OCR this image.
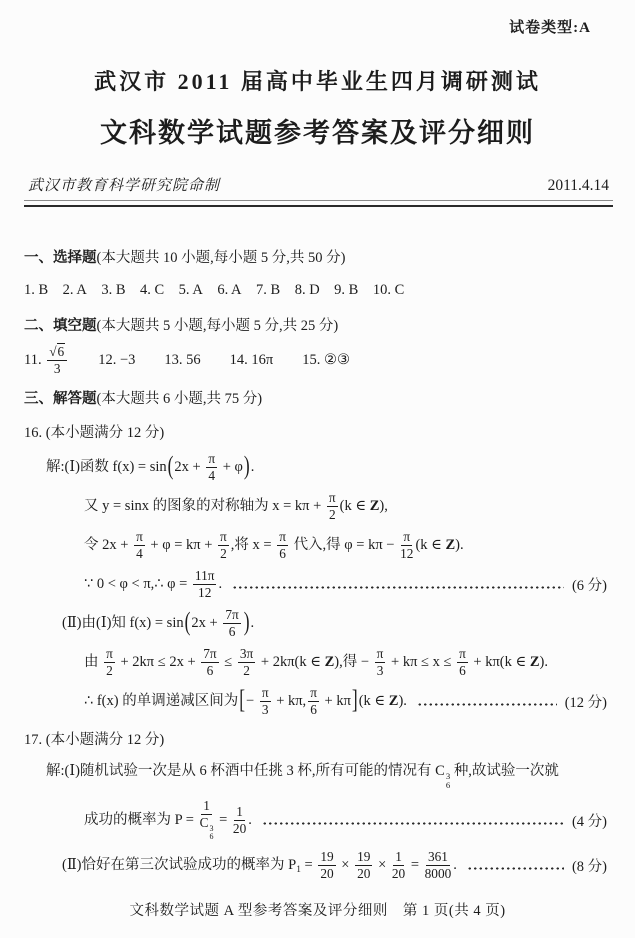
试卷类型:A
武汉市 2011 届高中毕业生四月调研测试
文科数学试题参考答案及评分细则
武汉市教育科学研究院命制	2011.4.14
一、选择题(本大题共 10 小题,每小题 5 分,共 50 分)
1. B 2. A 3. B 4. C 5. A 6. A 7. B 8. D 9. B 10. C
二、填空题(本大题共 5 小题,每小题 5 分,共 25 分)
11. $\frac{√6}{3}$   12. −3  13. 56  14. 16π  15. ②③
三、解答题(本大题共 6 小题,共 75 分)
16. (本小题满分 12 分)
解:(Ⅰ)函数 $f(x) = \sin(2x + \frac{\pi}{4} + \varphi)$.
又 y = sinx 的图象的对称轴为 $x = k\pi + \frac{\pi}{2} (k$ ∈ Z),
令 $2x + \frac{\pi}{4} + \varphi = k\pi + \frac{\pi}{2}$ ,将 $x = \frac{\pi}{6}$ 代入,得 $\varphi = k\pi - \frac{\pi}{12} (k$ ∈ Z).
∵ 0 < φ < π,∴ $\varphi = \frac{11\pi}{12}$ .	(6 分)
(Ⅱ)由(Ⅰ)知 $f(x) = \sin(2x + \frac{7\pi}{6}$ ).
由 $\frac{\pi}{2} + 2k\pi \le 2x + \frac{7\pi}{6} \le \frac{3\pi}{2} + 2k\pi(k$ ∈ Z),得 − $\frac{\pi}{3} + k\pi \le x \le \frac{\pi}{6} + k\pi(k$ ∈ Z).
∴ f(x) 的单调递减区间为[− $\frac{\pi}{3} + k\pi$, $\frac{\pi}{6} + k\pi](k$ ∈ Z).	(12 分)
17. (本小题满分 12 分)
解:(Ⅰ)随机试验一次是从 6 杯酒中任挑 3 杯,所有可能的情况有 C 3
6
种,故试验一次就
成功的概率为 P = 1
C 3
$6 = \frac{1}{20}$ .	(4 分)
(Ⅱ)恰好在第三次试验成功的概率为 $P_1 = \frac{19}{20} \times \frac{19}{20} \times \frac{1}{20} = \frac{361}{8000}$ .	(8 分)
文科数学试题 A 型参考答案及评分细则 第 1 页(共 4 页)
